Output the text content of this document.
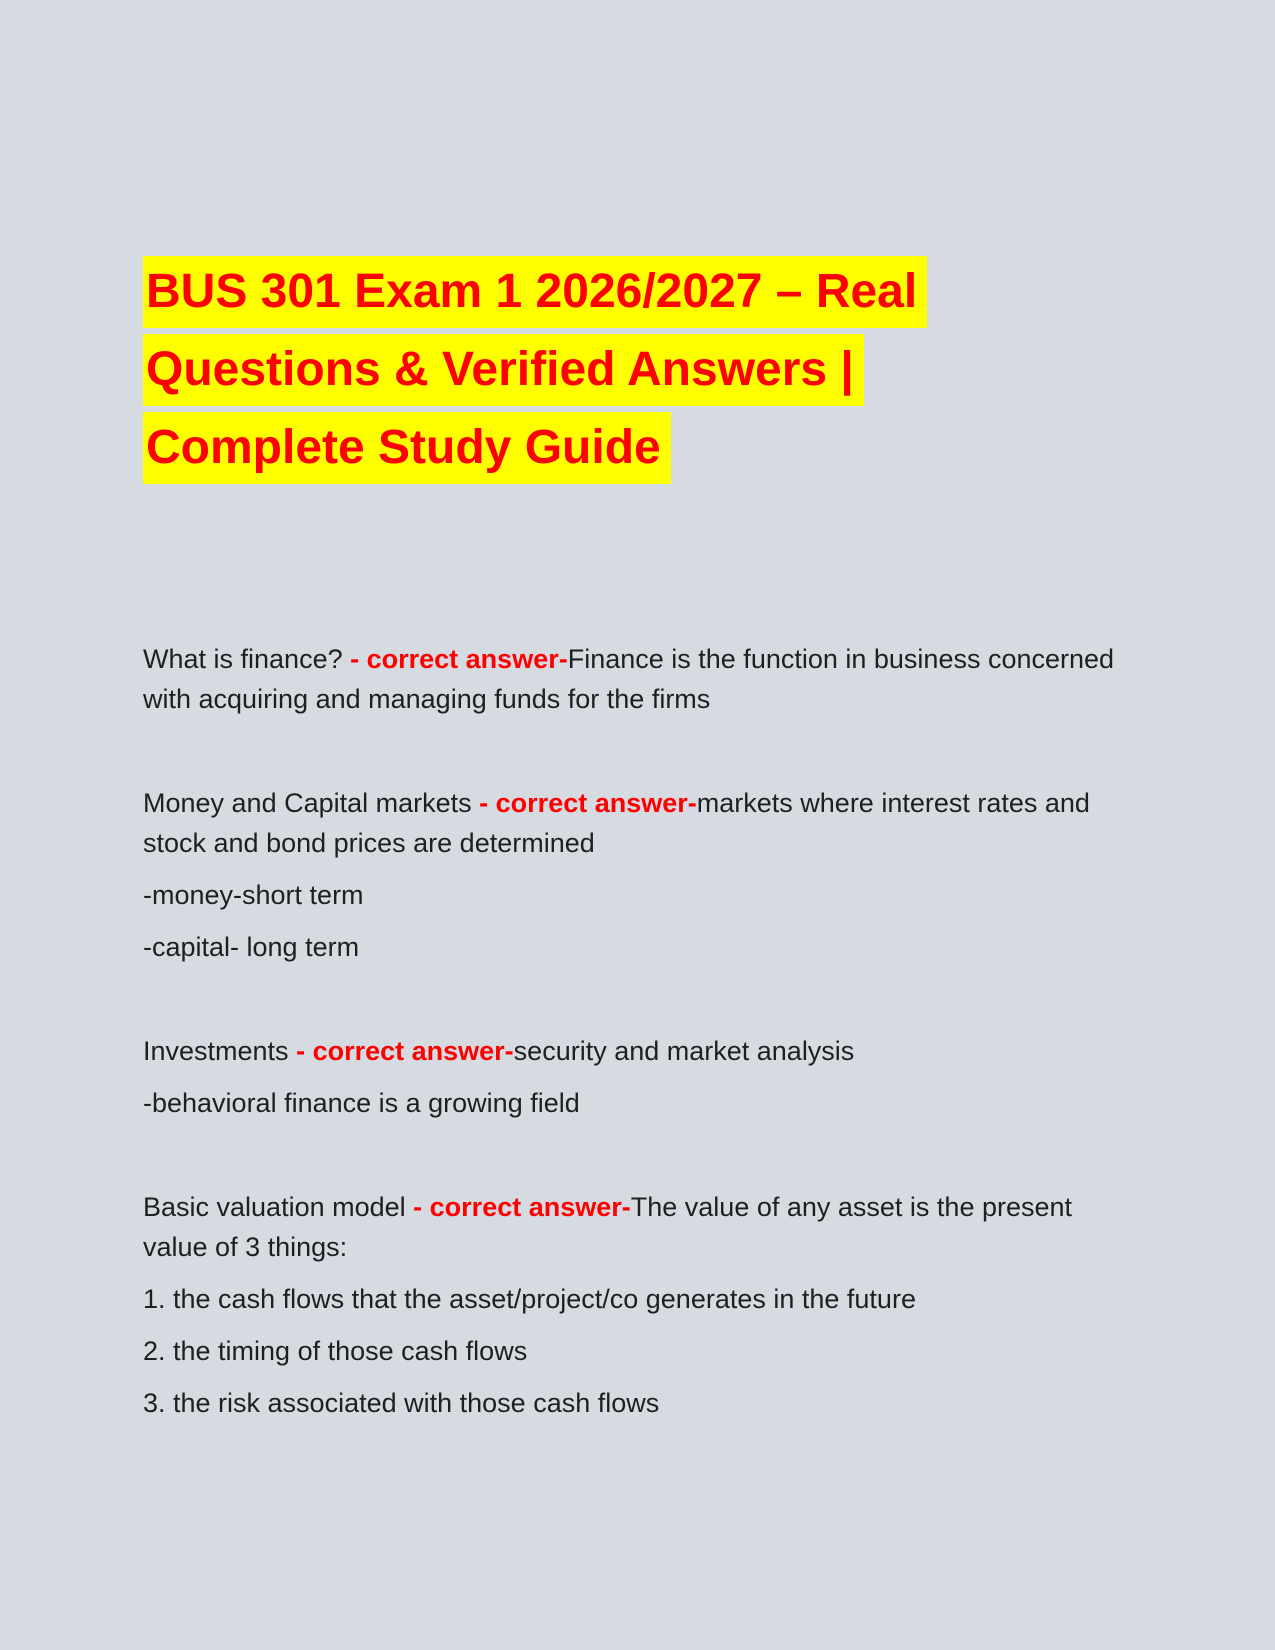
BUS 301 Exam 1 2026/2027 – Real
Questions & Verified Answers |
Complete Study Guide

What is finance? - correct answer-Finance is the function in business concerned with acquiring and managing funds for the firms

Money and Capital markets - correct answer-markets where interest rates and stock and bond prices are determined

-money-short term

-capital- long term

Investments - correct answer-security and market analysis

-behavioral finance is a growing field

Basic valuation model - correct answer-The value of any asset is the present value of 3 things:

1. the cash flows that the asset/project/co generates in the future

2. the timing of those cash flows

3. the risk associated with those cash flows
